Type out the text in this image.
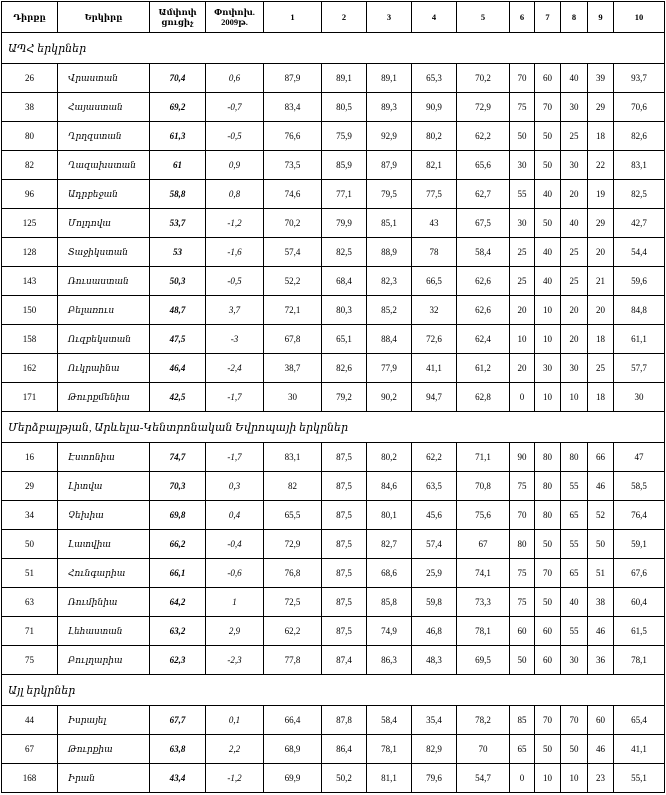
Դիրքը	Երկիրը	Ամփոփ ցուցիչ	Փոփոխ. 2009թ.	1	2	3	4	5	6	7	8	9	10
ԱՊՀ երկրներ													
26	Վրաստան	70,4	0,6	87,9	89,1	89,1	65,3	70,2	70	60	40	39	93,7
38	Հայաստան	69,2	-0,7	83,4	80,5	89,3	90,9	72,9	75	70	30	29	70,6
80	Ղրղզստան	61,3	-0,5	76,6	75,9	92,9	80,2	62,2	50	50	25	18	82,6
82	Ղազախստան	61	0,9	73,5	85,9	87,9	82,1	65,6	30	50	30	22	83,1
96	Ադրբեջան	58,8	0,8	74,6	77,1	79,5	77,5	62,7	55	40	20	19	82,5
125	Մոլդովա	53,7	-1,2	70,2	79,9	85,1	43	67,5	30	50	40	29	42,7
128	Տաջիկստան	53	-1,6	57,4	82,5	88,9	78	58,4	25	40	25	20	54,4
143	Ռուսաստան	50,3	-0,5	52,2	68,4	82,3	66,5	62,6	25	40	25	21	59,6
150	Բելառուս	48,7	3,7	72,1	80,3	85,2	32	62,6	20	10	20	20	84,8
158	Ուզբեկստան	47,5	-3	67,8	65,1	88,4	72,6	62,4	10	10	20	18	61,1
162	Ուկրաինա	46,4	-2,4	38,7	82,6	77,9	41,1	61,2	20	30	30	25	57,7
171	Թուրքմենիա	42,5	-1,7	30	79,2	90,2	94,7	62,8	0	10	10	18	30
Մերձբալթյան, Արևելա-Կենտրոնական Եվրոպայի երկրներ													
16	Էստոնիա	74,7	-1,7	83,1	87,5	80,2	62,2	71,1	90	80	80	66	47
29	Լիտվա	70,3	0,3	82	87,5	84,6	63,5	70,8	75	80	55	46	58,5
34	Չեխիա	69,8	0,4	65,5	87,5	80,1	45,6	75,6	70	80	65	52	76,4
50	Լատվիա	66,2	-0,4	72,9	87,5	82,7	57,4	67	80	50	55	50	59,1
51	Հունգարիա	66,1	-0,6	76,8	87,5	68,6	25,9	74,1	75	70	65	51	67,6
63	Ռումինիա	64,2	1	72,5	87,5	85,8	59,8	73,3	75	50	40	38	60,4
71	Լեհաստան	63,2	2,9	62,2	87,5	74,9	46,8	78,1	60	60	55	46	61,5
75	Բուլղարիա	62,3	-2,3	77,8	87,4	86,3	48,3	69,5	50	60	30	36	78,1
Այլ երկրներ													
44	Իսրայել	67,7	0,1	66,4	87,8	58,4	35,4	78,2	85	70	70	60	65,4
67	Թուրքիա	63,8	2,2	68,9	86,4	78,1	82,9	70	65	50	50	46	41,1
168	Իրան	43,4	-1,2	69,9	50,2	81,1	79,6	54,7	0	10	10	23	55,1
